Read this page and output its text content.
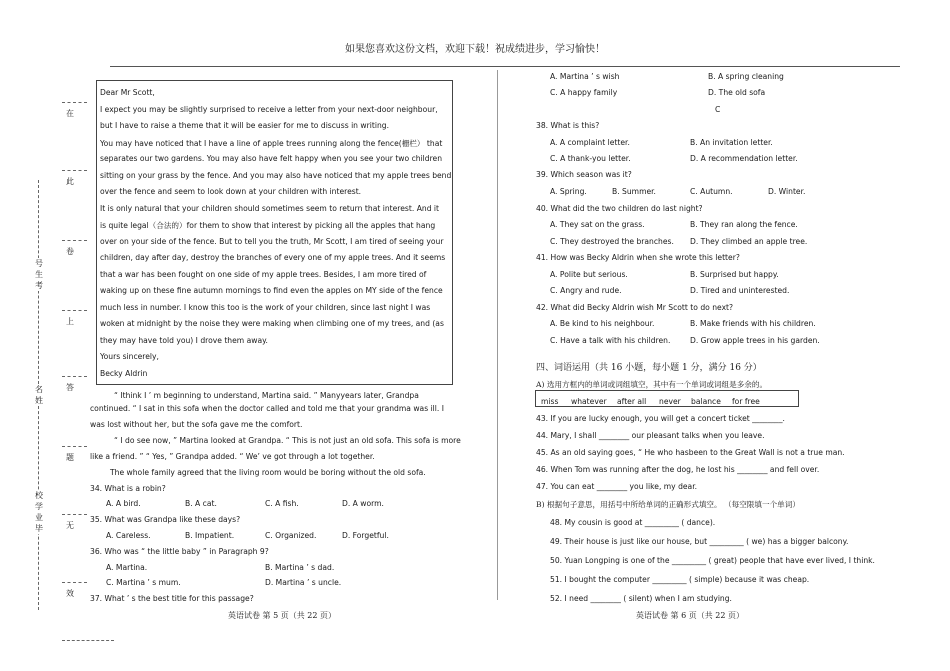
如果您喜欢这份文档，欢迎下载！祝成绩进步，学习愉快！
在
此
卷
上
答
题
无
效
号生考
名姓
校学业毕
Dear Mr Scott,
I expect you may be slightly surprised to receive a letter from your next-door neighbour,
but I have to raise a theme that it will be easier for me to discuss in writing.
You may have noticed that I have a line of apple trees running along the fence(栅栏） that
separates our two gardens. You may also have felt happy when you see your two children
sitting on your grass by the fence. And you may also have noticed that my apple trees bend
over the fence and seem to look down at your children with interest.
It is only natural that your children should sometimes seem to return that interest. And it
is quite legal（合法的）for them to show that interest by picking all the apples that hang
over on your side of the fence. But to tell you the truth, Mr Scott, I am tired of seeing your
children, day after day, destroy the branches of every one of my apple trees. And it seems
that a war has been fought on one side of my apple trees. Besides, I am more tired of
waking up on these fine autumn mornings to find even the apples on MY side of the fence
much less in number. I know this too is the work of your children, since last night I was
woken at midnight by the noise they were making when climbing one of my trees, and (as
they may have told you) I drove them away.
Yours sincerely,
Becky Aldrin
“ Ithink I ’ m beginning to understand, Martina said. ” Manyyears later, Grandpa
continued. “ I sat in this sofa when the doctor called and told me that your grandma was ill. I
was lost without her, but the sofa gave me the comfort.
“ I do see now, ” Martina looked at Grandpa. “ This is not just an old sofa. This sofa is more
like a friend. ” “ Yes, ” Grandpa added. “ We’ ve got through a lot together.
The whole family agreed that the living room would be boring without the old sofa.
34. What is a robin?
A. A bird.	B. A cat.	C. A fish.	D. A worm.
35. What was Grandpa like these days?
A. Careless.	B. Impatient.	C. Organized.	D. Forgetful.
36. Who was “ the little baby ” in Paragraph 9?
A. Martina.	B. Martina ’ s dad.
C. Martina ’ s mum.	D. Martina ’ s uncle.
37. What ’ s the best title for this passage?
英语试卷 第 5 页（共 22 页）
A. Martina ’ s wish	B. A spring cleaning
C. A happy family	D. The old sofa
C
38. What is this?
A. A complaint letter.	B. An invitation letter.
C. A thank-you letter.	D. A recommendation letter.
39. Which season was it?
A. Spring.	B. Summer.	C. Autumn.	D. Winter.
40. What did the two children do last night?
A. They sat on the grass.	B. They ran along the fence.
C. They destroyed the branches. D. They climbed an apple tree.
41. How was Becky Aldrin when she wrote this letter?
A. Polite but serious.	B. Surprised but happy.
C. Angry and rude.	D. Tired and uninterested.
42. What did Becky Aldrin wish Mr Scott to do next?
A. Be kind to his neighbour.	B. Make friends with his children.
C. Have a talk with his children.	D. Grow apple trees in his garden.
四、词语运用（共 16 小题，每小题 1 分，满分 16 分）
A) 选用方框内的单词或词组填空，其中有一个单词或词组是多余的。
miss whatever after all never balance for free
43. If you are lucky enough, you will get a concert ticket ________.
44. Mary, I shall ________ our pleasant talks when you leave.
45. As an old saying goes, “ He who hasbeen to the Great Wall is not a true man.
46. When Tom was running after the dog, he lost his ________ and fell over.
47. You can eat ________ you like, my dear.
B) 根据句子意思，用括号中所给单词的正确形式填空。 （每空限填一个单词）
48. My cousin is good at _________ ( dance).
49. Their house is just like our house, but _________ ( we) has a bigger balcony.
50. Yuan Longping is one of the _________ ( great) people that have ever lived, I think.
51. I bought the computer _________ ( simple) because it was cheap.
52. I need ________ ( silent) when I am studying.
英语试卷 第 6 页（共 22 页）
